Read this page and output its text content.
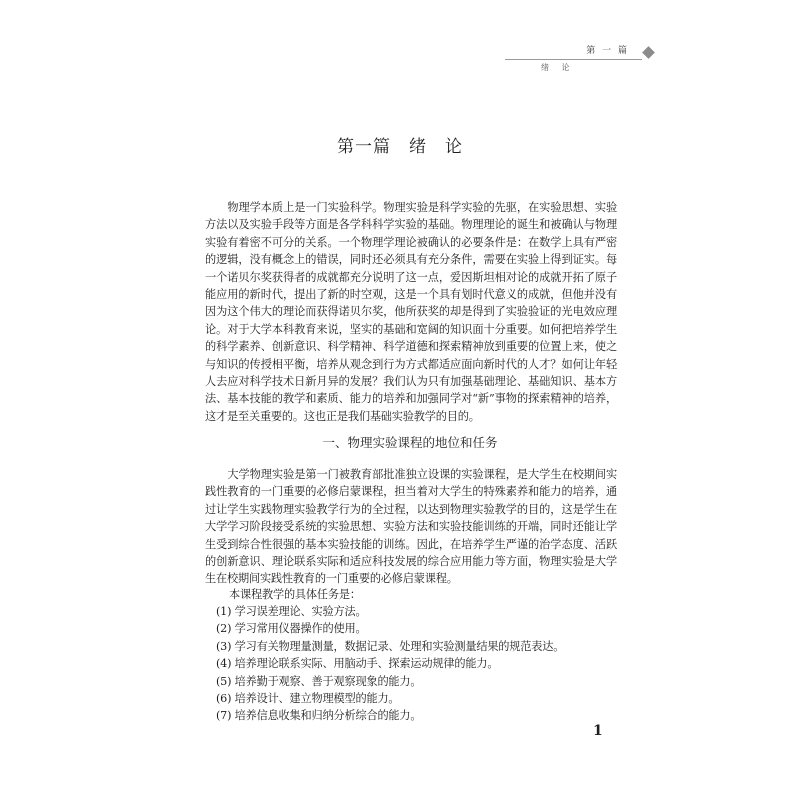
第 一 篇
绪 论
第一篇　绪　论

物理学本质上是一门实验科学。物理实验是科学实验的先驱，在实验思想、实验方法以及实验手段等方面是各学科科学实验的基础。物理理论的诞生和被确认与物理实验有着密不可分的关系。一个物理学理论被确认的必要条件是：在数学上具有严密的逻辑，没有概念上的错误，同时还必须具有充分条件，需要在实验上得到证实。每一个诺贝尔奖获得者的成就都充分说明了这一点，爱因斯坦相对论的成就开拓了原子能应用的新时代，提出了新的时空观，这是一个具有划时代意义的成就，但他并没有因为这个伟大的理论而获得诺贝尔奖，他所获奖的却是得到了实验验证的光电效应理论。对于大学本科教育来说，坚实的基础和宽阔的知识面十分重要。如何把培养学生的科学素养、创新意识、科学精神、科学道德和探索精神放到重要的位置上来，使之与知识的传授相平衡，培养从观念到行为方式都适应面向新时代的人才？如何让年轻人去应对科学技术日新月异的发展？我们认为只有加强基础理论、基础知识、基本方法、基本技能的教学和素质、能力的培养和加强同学对“新”事物的探索精神的培养，这才是至关重要的。这也正是我们基础实验教学的目的。

一、物理实验课程的地位和任务

大学物理实验是第一门被教育部批准独立设课的实验课程，是大学生在校期间实践性教育的一门重要的必修启蒙课程，担当着对大学生的特殊素养和能力的培养，通过让学生实践物理实验教学行为的全过程，以达到物理实验教学的目的，这是学生在大学学习阶段接受系统的实验思想、实验方法和实验技能训练的开端，同时还能让学生受到综合性很强的基本实验技能的训练。因此，在培养学生严谨的治学态度、活跃的创新意识、理论联系实际和适应科技发展的综合应用能力等方面，物理实验是大学生在校期间实践性教育的一门重要的必修启蒙课程。

本课程教学的具体任务是：
(1) 学习误差理论、实验方法。
(2) 学习常用仪器操作的使用。
(3) 学习有关物理量测量，数据记录、处理和实验测量结果的规范表达。
(4) 培养理论联系实际、用脑动手、探索运动规律的能力。
(5) 培养勤于观察、善于观察现象的能力。
(6) 培养设计、建立物理模型的能力。
(7) 培养信息收集和归纳分析综合的能力。
1
